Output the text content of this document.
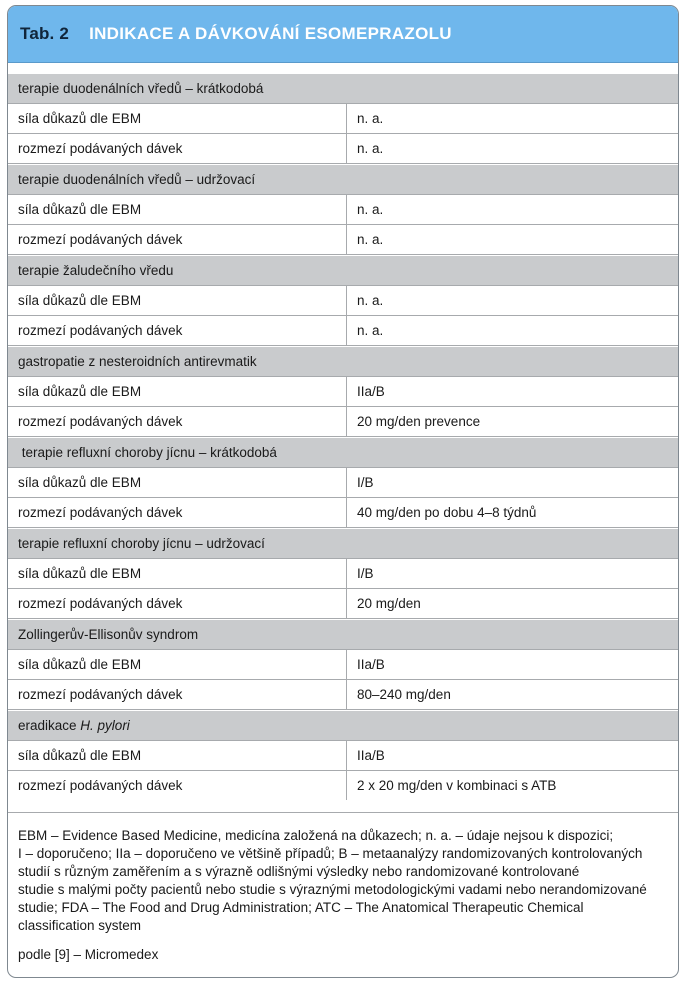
Tab. 2 INDIKACE A DÁVKOVÁNÍ ESOMEPRAZOLU
terapie duodenálních vředů – krátkodobá
síla důkazů dle EBM	n. a.
rozmezí podávaných dávek	n. a.
terapie duodenálních vředů – udržovací
síla důkazů dle EBM	n. a.
rozmezí podávaných dávek	n. a.
terapie žaludečního vředu
síla důkazů dle EBM	n. a.
rozmezí podávaných dávek	n. a.
gastropatie z nesteroidních antirevmatik
síla důkazů dle EBM	IIa/B
rozmezí podávaných dávek	20 mg/den prevence
terapie refluxní choroby jícnu – krátkodobá
síla důkazů dle EBM	I/B
rozmezí podávaných dávek	40 mg/den po dobu 4–8 týdnů
terapie refluxní choroby jícnu – udržovací
síla důkazů dle EBM	I/B
rozmezí podávaných dávek	20 mg/den
Zollingerův-Ellisonův syndrom
síla důkazů dle EBM	IIa/B
rozmezí podávaných dávek	80–240 mg/den
eradikace H. pylori
síla důkazů dle EBM	IIa/B
rozmezí podávaných dávek	2 x 20 mg/den v kombinaci s ATB
EBM – Evidence Based Medicine, medicína založená na důkazech; n. a. – údaje nejsou k dispozici;
I – doporučeno; IIa – doporučeno ve většině případů; B – metaanalýzy randomizovaných kontrolovaných
studií s různým zaměřením a s výrazně odlišnými výsledky nebo randomizované kontrolované
studie s malými počty pacientů nebo studie s výraznými metodologickými vadami nebo nerandomizované
studie; FDA – The Food and Drug Administration; ATC – The Anatomical Therapeutic Chemical
classification system
podle [9] – Micromedex
